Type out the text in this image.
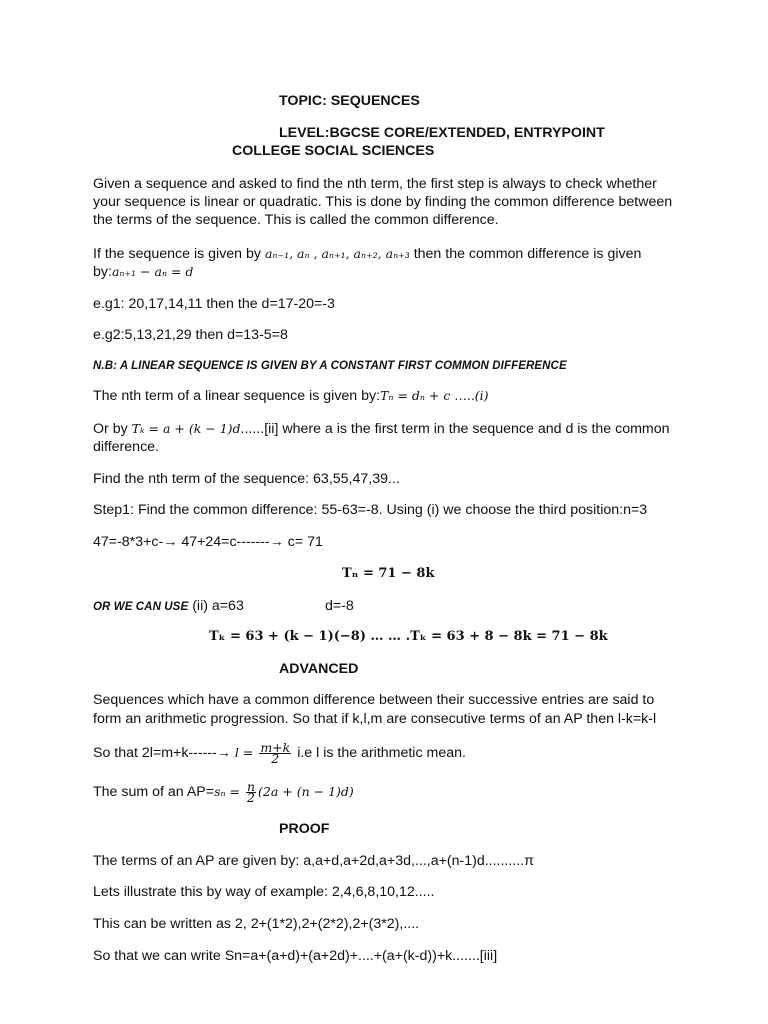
TOPIC: SEQUENCES
LEVEL:BGCSE CORE/EXTENDED, ENTRYPOINT
COLLEGE SOCIAL SCIENCES
Given a sequence and asked to find the nth term, the first step is always to check whether
your sequence is linear or quadratic. This is done by finding the common difference between
the terms of the sequence. This is called the common difference.
If the sequence is given by aₙ₋₁, aₙ , aₙ₊₁, aₙ₊₂, aₙ₊₃ then the common difference is given
by:aₙ₊₁ − aₙ = d
e.g1: 20,17,14,11 then the d=17-20=-3
e.g2:5,13,21,29 then d=13-5=8
N.B: A LINEAR SEQUENCE IS GIVEN BY A CONSTANT FIRST COMMON DIFFERENCE
The nth term of a linear sequence is given by:Tₙ = dₙ + c …..(i)
Or by Tₖ = a + (k − 1)d......[ii] where a is the first term in the sequence and d is the common
difference.
Find the nth term of the sequence: 63,55,47,39...
Step1: Find the common difference: 55-63=-8. Using (i) we choose the third position:n=3
47=-8*3+c-→ 47+24=c-------→ c= 71
Tₙ = 71 − 8k
OR WE CAN USE (ii) a=63	d=-8
Tₖ = 63 + (k − 1)(−8) … … .Tₖ = 63 + 8 − 8k = 71 − 8k
ADVANCED
Sequences which have a common difference between their successive entries are said to
form an arithmetic progression. So that if k,l,m are consecutive terms of an AP then l-k=k-l
So that $2l=m+k------\to l = \frac{m+k}{2} i.e$ l is the arithmetic mean.
The sum of an $AP=s_n = \frac{n}{2} (2a + (n - 1)d)$
PROOF
The terms of an AP are given by: a,a+d,a+2d,a+3d,...,a+(n-1)d..........π
Lets illustrate this by way of example: 2,4,6,8,10,12.....
This can be written as 2, 2+(1*2),2+(2*2),2+(3*2),....
So that we can write Sn=a+(a+d)+(a+2d)+....+(a+(k-d))+k.......[iii]
